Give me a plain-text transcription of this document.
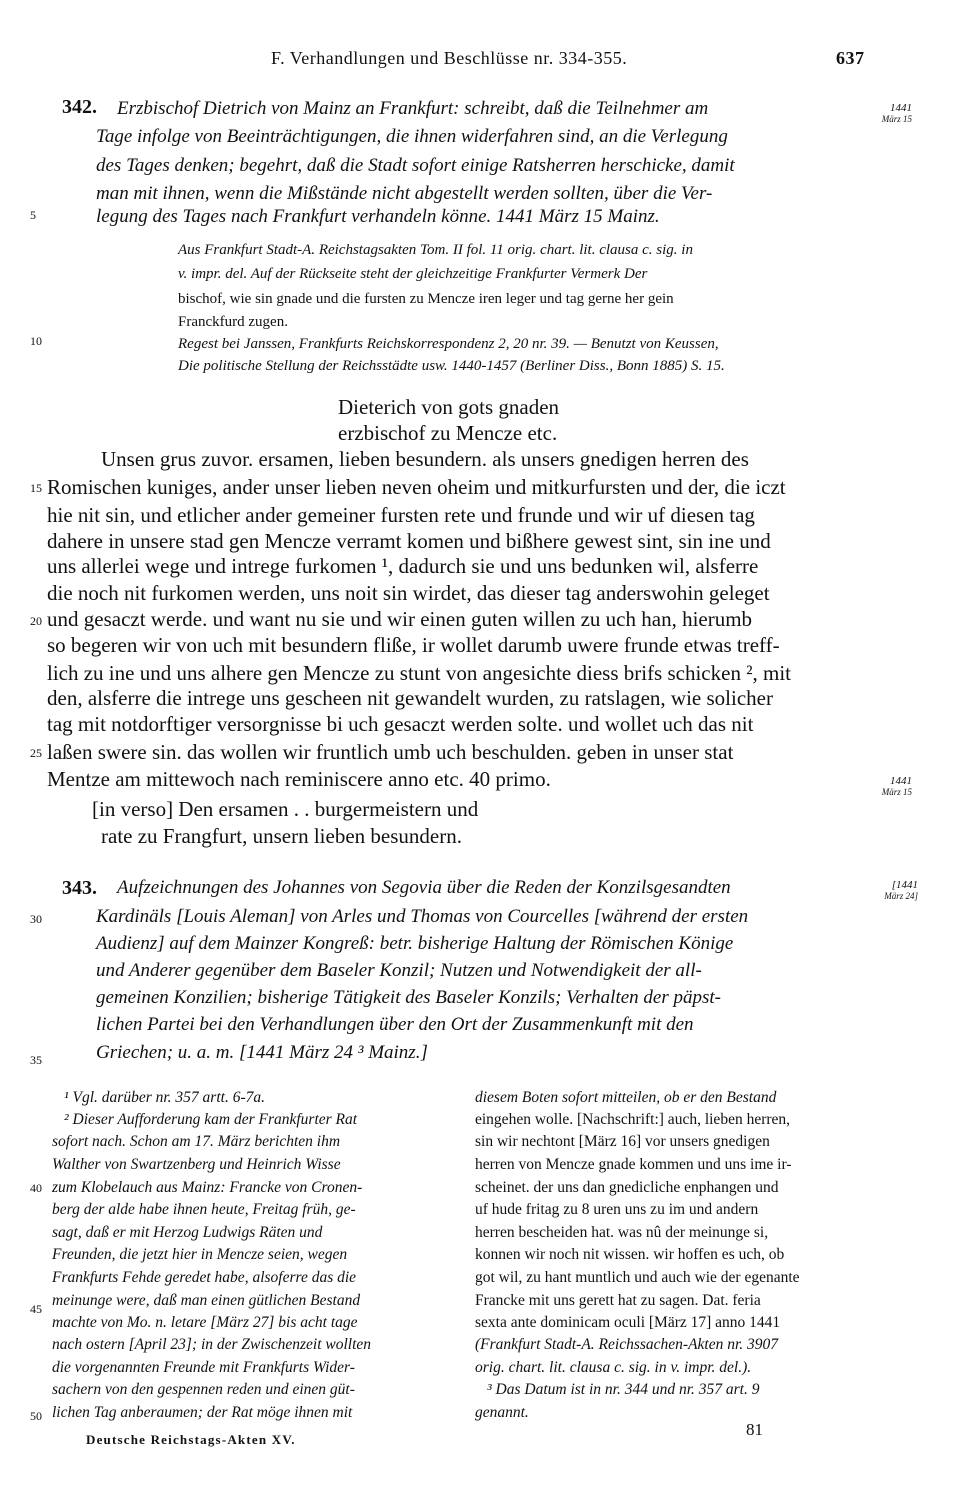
F. Verhandlungen und Beschlüsse nr. 334-355.	637
5
10
15
20
25
30
35
40
45
50
342. Erzbischof Dietrich von Mainz an Frankfurt: schreibt, daß die Teilnehmer am
Tage infolge von Beeinträchtigungen, die ihnen widerfahren sind, an die Verlegung
des Tages denken; begehrt, daß die Stadt sofort einige Ratsherren herschicke, damit
man mit ihnen, wenn die Mißstände nicht abgestellt werden sollten, über die Ver-
legung des Tages nach Frankfurt verhandeln könne. 1441 März 15 Mainz.
1441
März 15
Aus Frankfurt Stadt-A. Reichstagsakten Tom. II fol. 11 orig. chart. lit. clausa c. sig. in
v. impr. del. Auf der Rückseite steht der gleichzeitige Frankfurter Vermerk Der
bischof, wie sin gnade und die fursten zu Mencze iren leger und tag gerne her gein
Franckfurd zugen.
Regest bei Janssen, Frankfurts Reichskorrespondenz 2, 20 nr. 39. — Benutzt von Keussen,
Die politische Stellung der Reichsstädte usw. 1440-1457 (Berliner Diss., Bonn 1885) S. 15.
Dieterich von gots gnaden
erzbischof zu Mencze etc.
Unsen grus zuvor. ersamen, lieben besundern. als unsers gnedigen herren des
Romischen kuniges, ander unser lieben neven oheim und mitkurfursten und der, die iczt
hie nit sin, und etlicher ander gemeiner fursten rete und frunde und wir uf diesen tag
dahere in unsere stad gen Mencze verramt komen und bißhere gewest sint, sin ine und
uns allerlei wege und intrege furkomen ¹, dadurch sie und uns bedunken wil, alsferre
die noch nit furkomen werden, uns noit sin wirdet, das dieser tag anderswohin geleget
und gesaczt werde. und want nu sie und wir einen guten willen zu uch han, hierumb
so begeren wir von uch mit besundern fliße, ir wollet darumb uwere frunde etwas treff-
lich zu ine und uns alhere gen Mencze zu stunt von angesichte diess brifs schicken ², mit
den, alsferre die intrege uns gescheen nit gewandelt wurden, zu ratslagen, wie solicher
tag mit notdorftiger versorgnisse bi uch gesaczt werden solte. und wollet uch das nit
laßen swere sin. das wollen wir fruntlich umb uch beschulden. geben in unser stat
Mentze am mittewoch nach reminiscere anno etc. 40 primo.	1441
März 15
[in verso] Den ersamen . . burgermeistern und
rate zu Frangfurt, unsern lieben besundern.
343. Aufzeichnungen des Johannes von Segovia über die Reden der Konzilsgesandten
Kardinäls [Louis Aleman] von Arles und Thomas von Courcelles [während der ersten
Audienz] auf dem Mainzer Kongreß: betr. bisherige Haltung der Römischen Könige
und Anderer gegenüber dem Baseler Konzil; Nutzen und Notwendigkeit der all-
gemeinen Konzilien; bisherige Tätigkeit des Baseler Konzils; Verhalten der päpst-
lichen Partei bei den Verhandlungen über den Ort der Zusammenkunft mit den
Griechen; u. a. m. [1441 März 24 ³ Mainz.]
[1441
März 24]
¹ Vgl. darüber nr. 357 artt. 6-7a.
² Dieser Aufforderung kam der Frankfurter Rat
sofort nach. Schon am 17. März berichten ihm
Walther von Swartzenberg und Heinrich Wisse
zum Klobelauch aus Mainz: Francke von Cronen-
berg der alde habe ihnen heute, Freitag früh, ge-
sagt, daß er mit Herzog Ludwigs Räten und
Freunden, die jetzt hier in Mencze seien, wegen
Frankfurts Fehde geredet habe, alsoferre das die
meinunge were, daß man einen gütlichen Bestand
machte von Mo. n. letare [März 27] bis acht tage
nach ostern [April 23]; in der Zwischenzeit wollten
die vorgenannten Freunde mit Frankfurts Wider-
sachern von den gespennen reden und einen güt-
lichen Tag anberaumen; der Rat möge ihnen mit
diesem Boten sofort mitteilen, ob er den Bestand
eingehen wolle. [Nachschrift:] auch, lieben herren,
sin wir nechtont [März 16] vor unsers gnedigen
herren von Mencze gnade kommen und uns ime ir-
scheinet. der uns dan gnedicliche enphangen und
uf hude fritag zu 8 uren uns zu im und andern
herren bescheiden hat. was nû der meinunge si,
konnen wir noch nit wissen. wir hoffen es uch, ob
got wil, zu hant muntlich und auch wie der egenante
Francke mit uns gerett hat zu sagen. Dat. feria
sexta ante dominicam oculi [März 17] anno 1441
(Frankfurt Stadt-A. Reichssachen-Akten nr. 3907
orig. chart. lit. clausa c. sig. in v. impr. del.).
³ Das Datum ist in nr. 344 und nr. 357 art. 9
genannt.
Deutsche Reichstags-Akten XV.
81
